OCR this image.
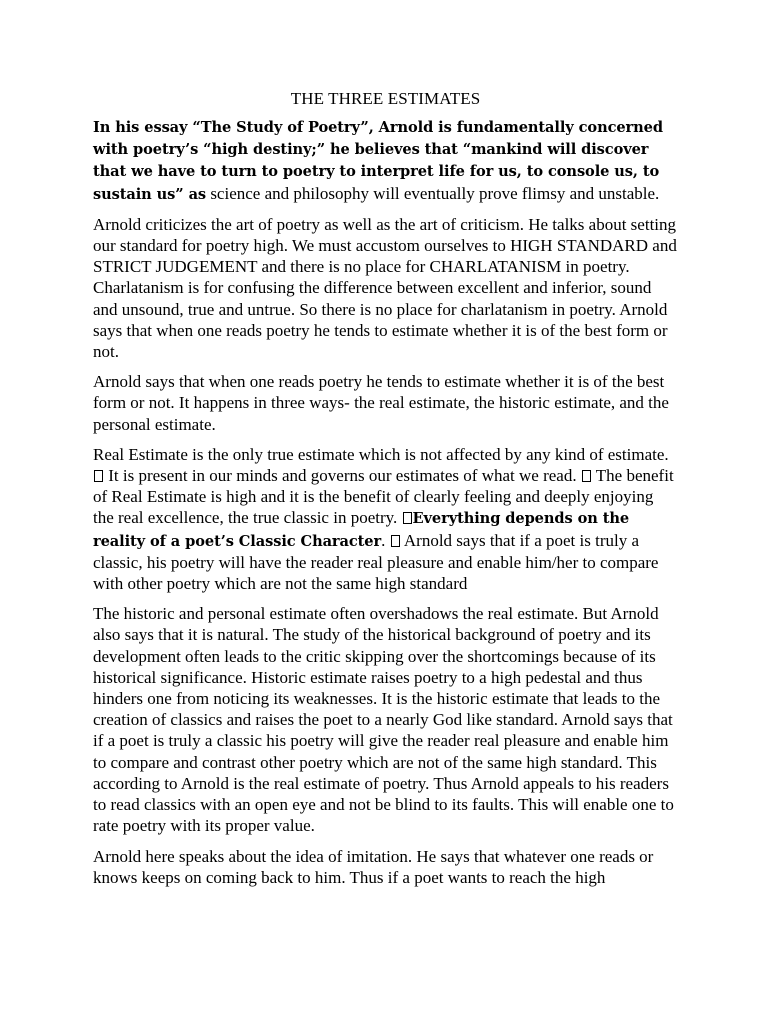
THE THREE ESTIMATES

In his essay “The Study of Poetry”, Arnold is fundamentally concerned with poetry’s “high destiny;” he believes that “mankind will discover that we have to turn to poetry to interpret life for us, to console us, to sustain us” as science and philosophy will eventually prove flimsy and unstable.

Arnold criticizes the art of poetry as well as the art of criticism. He talks about setting our standard for poetry high. We must accustom ourselves to HIGH STANDARD and STRICT JUDGEMENT and there is no place for CHARLATANISM in poetry. Charlatanism is for confusing the difference between excellent and inferior, sound and unsound, true and untrue. So there is no place for charlatanism in poetry. Arnold says that when one reads poetry he tends to estimate whether it is of the best form or not.

Arnold says that when one reads poetry he tends to estimate whether it is of the best form or not. It happens in three ways- the real estimate, the historic estimate, and the personal estimate.

Real Estimate is the only true estimate which is not affected by any kind of estimate.  It is present in our minds and governs our estimates of what we read.  The benefit of Real Estimate is high and it is the benefit of clearly feeling and deeply enjoying the real excellence, the true classic in poetry. Everything depends on the reality of a poet’s Classic Character.  Arnold says that if a poet is truly a classic, his poetry will have the reader real pleasure and enable him/her to compare with other poetry which are not the same high standard

The historic and personal estimate often overshadows the real estimate. But Arnold also says that it is natural. The study of the historical background of poetry and its development often leads to the critic skipping over the shortcomings because of its historical significance. Historic estimate raises poetry to a high pedestal and thus hinders one from noticing its weaknesses. It is the historic estimate that leads to the creation of classics and raises the poet to a nearly God like standard. Arnold says that if a poet is truly a classic his poetry will give the reader real pleasure and enable him to compare and contrast other poetry which are not of the same high standard. This according to Arnold is the real estimate of poetry. Thus Arnold appeals to his readers to read classics with an open eye and not be blind to its faults. This will enable one to rate poetry with its proper value.

Arnold here speaks about the idea of imitation. He says that whatever one reads or knows keeps on coming back to him. Thus if a poet wants to reach the high
